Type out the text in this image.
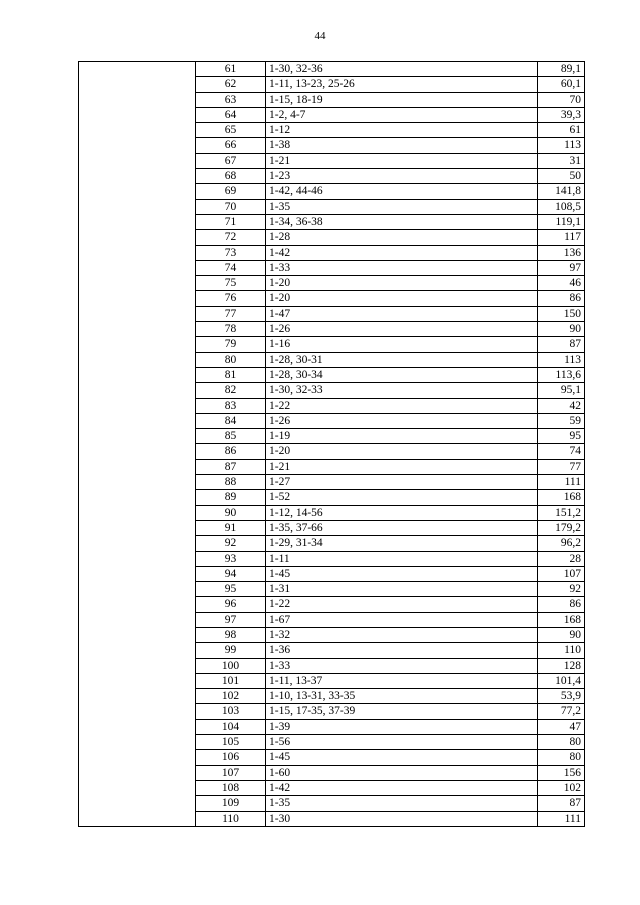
44
	61	1-30, 32-36	89,1
	62	1-11, 13-23, 25-26	60,1
	63	1-15, 18-19	70
	64	1-2, 4-7	39,3
	65	1-12	61
	66	1-38	113
	67	1-21	31
	68	1-23	50
	69	1-42, 44-46	141,8
	70	1-35	108,5
	71	1-34, 36-38	119,1
	72	1-28	117
	73	1-42	136
	74	1-33	97
	75	1-20	46
	76	1-20	86
	77	1-47	150
	78	1-26	90
	79	1-16	87
	80	1-28, 30-31	113
	81	1-28, 30-34	113,6
	82	1-30, 32-33	95,1
	83	1-22	42
	84	1-26	59
	85	1-19	95
	86	1-20	74
	87	1-21	77
	88	1-27	111
	89	1-52	168
	90	1-12, 14-56	151,2
	91	1-35, 37-66	179,2
	92	1-29, 31-34	96,2
	93	1-11	28
	94	1-45	107
	95	1-31	92
	96	1-22	86
	97	1-67	168
	98	1-32	90
	99	1-36	110
	100	1-33	128
	101	1-11, 13-37	101,4
	102	1-10, 13-31, 33-35	53,9
	103	1-15, 17-35, 37-39	77,2
	104	1-39	47
	105	1-56	80
	106	1-45	80
	107	1-60	156
	108	1-42	102
	109	1-35	87
	110	1-30	111
